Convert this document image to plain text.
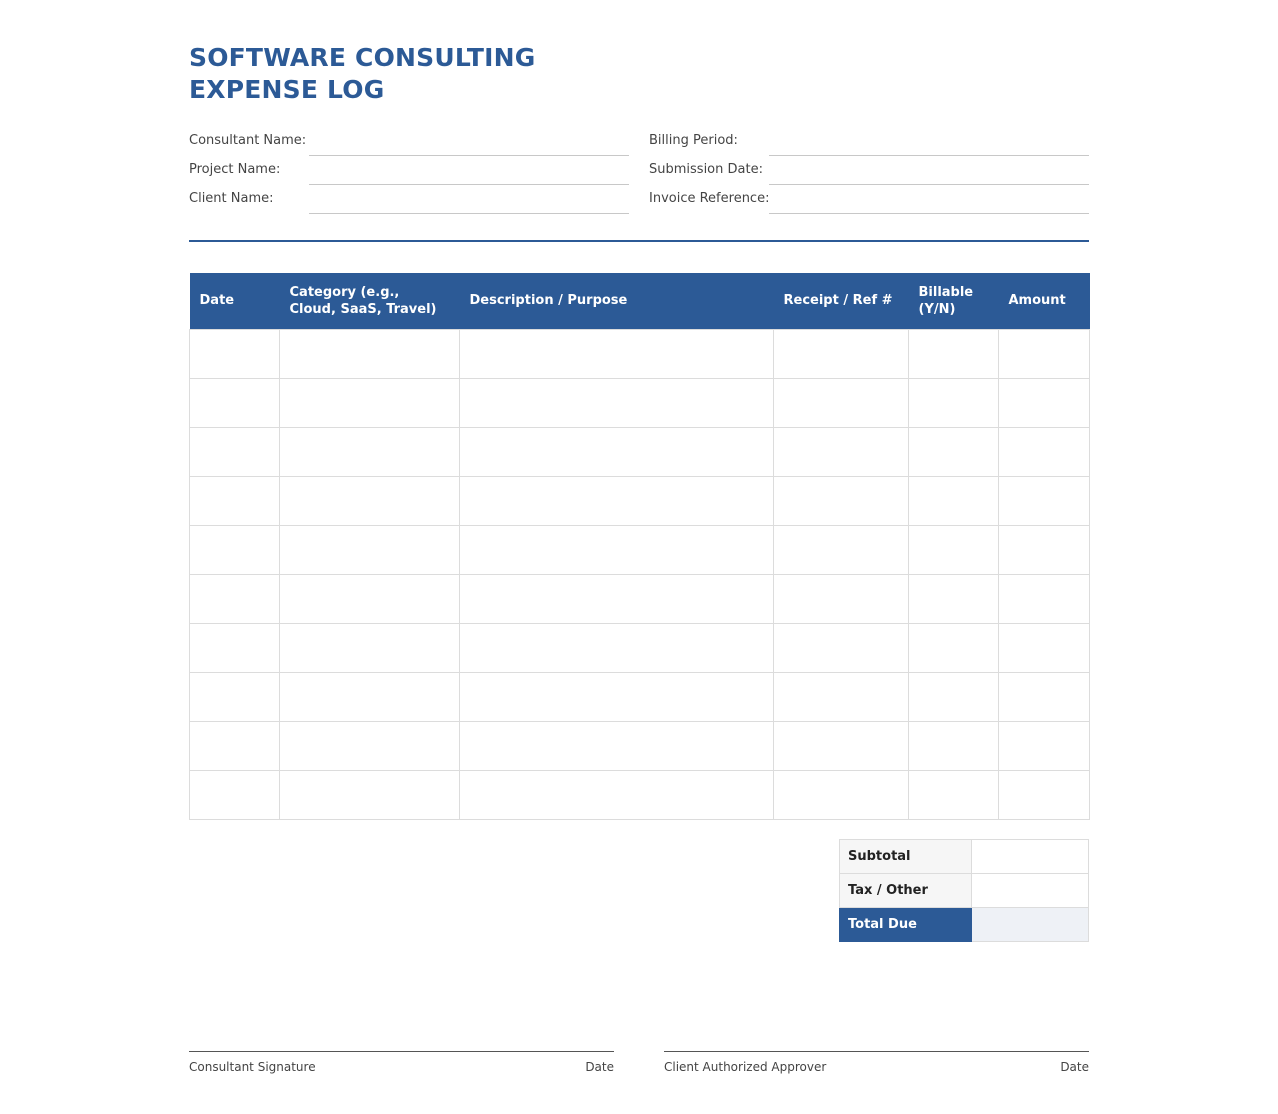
SOFTWARE CONSULTING EXPENSE LOG
Consultant Name:
Project Name:
Client Name:
Billing Period:
Submission Date:
Invoice Reference:
Date	Category (e.g., Cloud, SaaS, Travel)	Description / Purpose	Receipt / Ref #	Billable (Y/N)	Amount

Subtotal	
Tax / Other	
Total Due	
Consultant Signature	Date	Client Authorized Approver	Date
